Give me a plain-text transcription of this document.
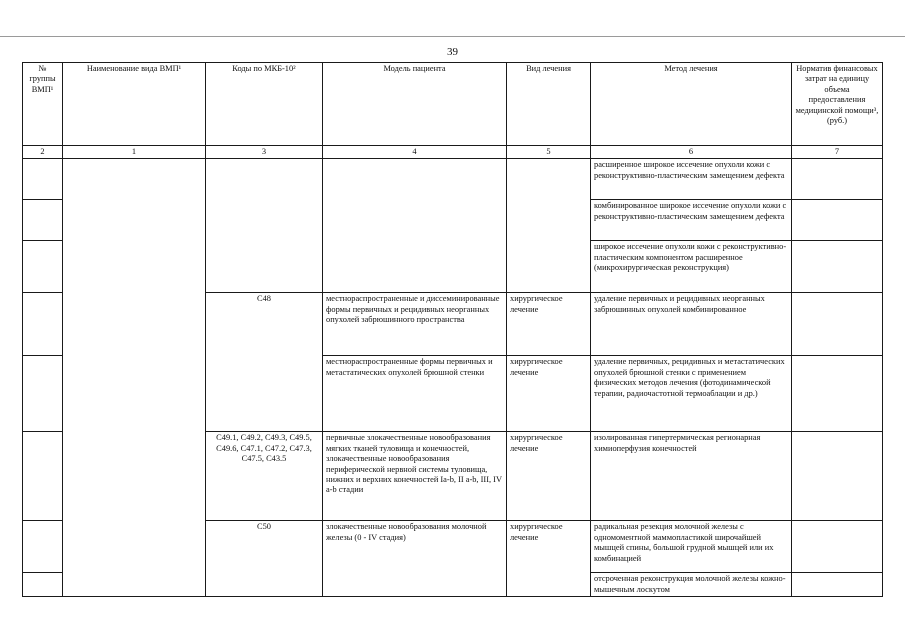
39
№ группы ВМП¹	Наименование вида ВМП¹	Коды по МКБ-10²	Модель пациента	Вид лечения	Метод лечения	Норматив финансовых затрат на единицу объема предоставления медицинской помощи³, (руб.)
2	1	3	4	5	6	7
					расширенное широкое иссечение опухоли кожи с реконструктивно-пластическим замещением дефекта	
					комбинированное широкое иссечение опухоли кожи с реконструктивно-пластическим замещением дефекта	
					широкое иссечение опухоли кожи с реконструктивно-пластическим компонентом расширенное (микрохирургическая реконструкция)	
		C48	местнораспространенные и диссеминированные формы первичных и рецидивных неорганных опухолей забрюшинного пространства	хирургическое лечение	удаление первичных и рецидивных неорганных забрюшинных опухолей комбинированное	
			местнораспространенные формы первичных и метастатических опухолей брюшной стенки	хирургическое лечение	удаление первичных, рецидивных и метастатических опухолей брюшной стенки с применением физических методов лечения (фотодинамической терапии, радиочастотной термоаблации и др.)	
		C49.1, C49.2, C49.3, C49.5, C49.6, C47.1, C47.2, C47.3, C47.5, C43.5	первичные злокачественные новообразования мягких тканей туловища и конечностей, злокачественные новообразования периферической нервной системы туловища, нижних и верхних конечностей Ia-b, II a-b, III, IV a-b стадии	хирургическое лечение	изолированная гипертермическая регионарная химиоперфузия конечностей	
		C50	злокачественные новообразования молочной железы (0 - IV стадия)	хирургическое лечение	радикальная резекция молочной железы с одномоментной маммопластикой широчайшей мышцей спины, большой грудной мышцей или их комбинацией	
					отсроченная реконструкция молочной железы кожно-мышечным лоскутом	
